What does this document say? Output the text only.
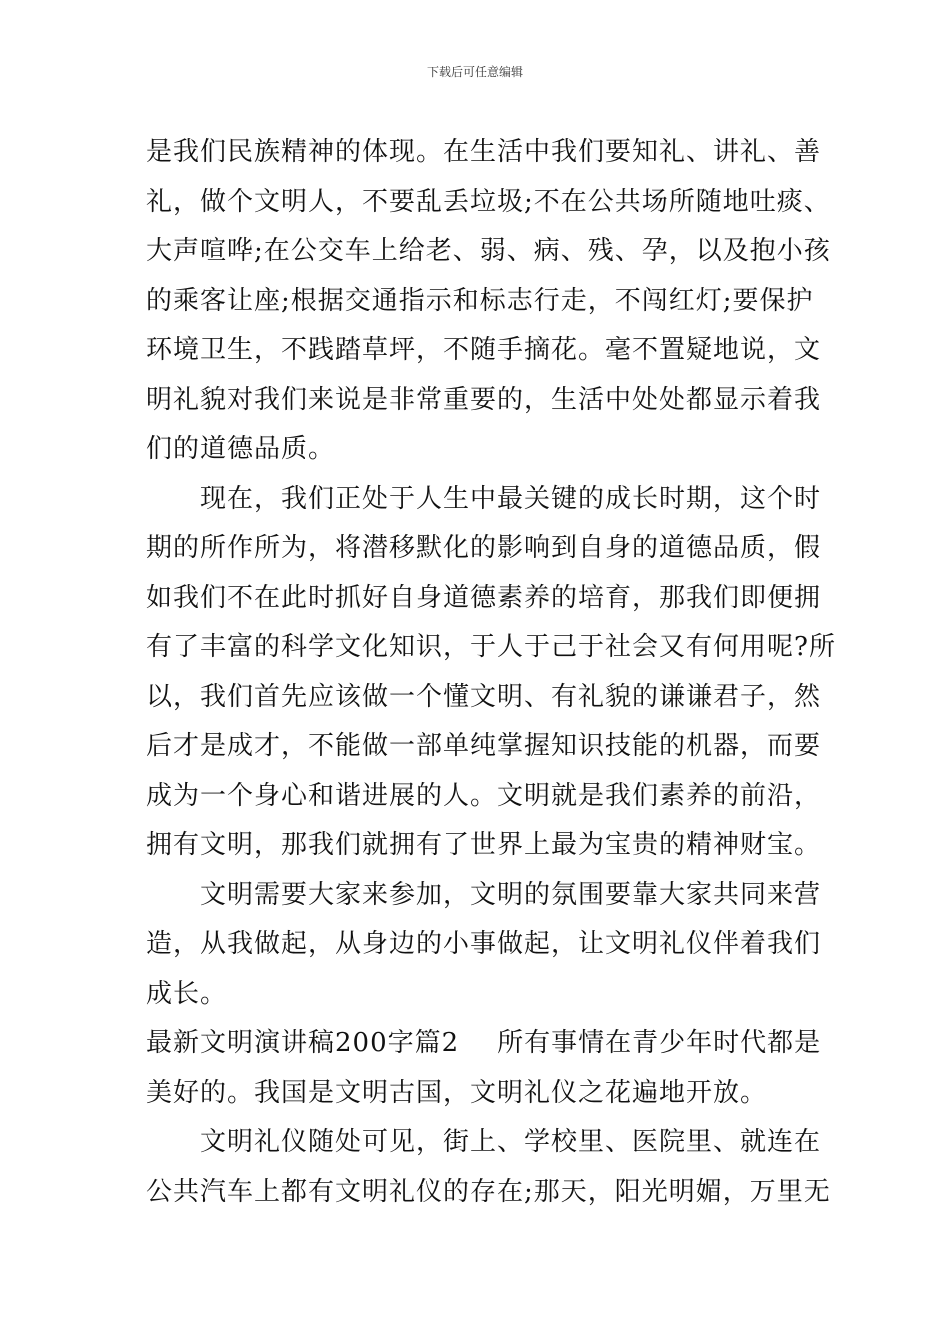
下载后可任意编辑
是我们民族精神的体现。在生活中我们要知礼、讲礼、善
礼，做个文明人，不要乱丢垃圾;不在公共场所随地吐痰、
大声喧哗;在公交车上给老、弱、病、残、孕，以及抱小孩
的乘客让座;根据交通指示和标志行走，不闯红灯;要保护
环境卫生，不践踏草坪，不随手摘花。毫不置疑地说，文
明礼貌对我们来说是非常重要的，生活中处处都显示着我
们的道德品质。
现在，我们正处于人生中最关键的成长时期，这个时
期的所作所为，将潜移默化的影响到自身的道德品质，假
如我们不在此时抓好自身道德素养的培育，那我们即便拥
有了丰富的科学文化知识，于人于己于社会又有何用呢?所
以，我们首先应该做一个懂文明、有礼貌的谦谦君子，然
后才是成才，不能做一部单纯掌握知识技能的机器，而要
成为一个身心和谐进展的人。文明就是我们素养的前沿，
拥有文明，那我们就拥有了世界上最为宝贵的精神财宝。
文明需要大家来参加，文明的氛围要靠大家共同来营
造，从我做起，从身边的小事做起，让文明礼仪伴着我们
成长。
最新文明演讲稿200字篇2 所有事情在青少年时代都是
美好的。我国是文明古国，文明礼仪之花遍地开放。
文明礼仪随处可见，街上、学校里、医院里、就连在
公共汽车上都有文明礼仪的存在;那天，阳光明媚，万里无
